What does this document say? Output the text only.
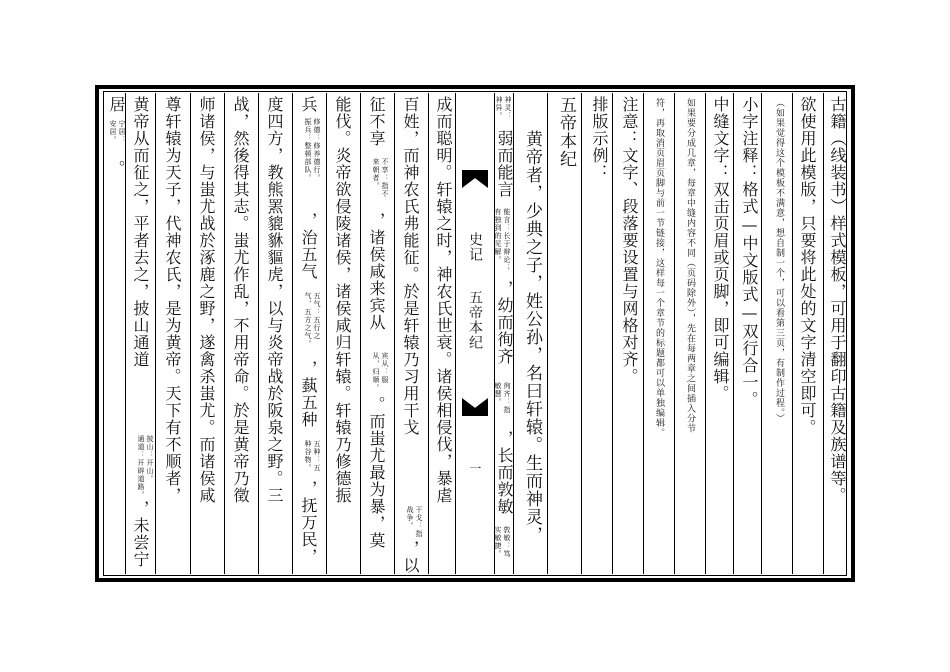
古籍（线装书）样式模板，可用于翻印古籍及族谱等。
欲使用此模版，只要将此处的文字清空即可。
（如果觉得这个模板不满意，想自制一个，可以看第三页，有制作过程。）
小字注释：格式—中文版式—双行合一。
中缝文字：双击页眉或页脚，即可编辑。
如果要分成几章，每章中缝内容不同（页码除外），先在每两章之间插入分节
符，再取消页眉页脚与前一节链接，这样每一个章节的标题都可以单独编辑。
注意：文字、段落要设置与网格对齐。
排版示例：
五帝本纪
黄帝者，少典之子，姓公孙，名曰轩辕。生而神灵，
神灵：
神异。
弱而能言
能言：长于辩论；
有独到的见解。
，幼而徇齐
徇齐：指
敏慧。
，长而敦敏
敦敏：笃
实敏捷。
史记
五帝本纪
一
成而聪明。轩辕之时，神农氏世衰。诸侯相侵伐，暴虐
百姓，而神农氏弗能征。於是轩辕乃习用干戈
干戈：指
战争。
，以
征不享
不享：指不
来朝者。
，诸侯咸来宾从
宾从：服
从，归顺。
。而蚩尤最为暴，莫
能伐。炎帝欲侵陵诸侯，诸侯咸归轩辕。轩辕乃修德振
兵
修德：修养德行。
振兵：整顿部队。
，治五气
五气：五行之
气，五方之气。
，蓺五种
五种：五
种谷物。
，抚万民，
度四方，教熊罴貔貅貙虎，以与炎帝战於阪泉之野。三
战，然後得其志。蚩尤作乱，不用帝命。於是黄帝乃徵
师诸侯，与蚩尤战於涿鹿之野，遂禽杀蚩尤。而诸侯咸
尊轩辕为天子，代神农氏，是为黄帝。天下有不顺者，
黄帝从而征之，平者去之，披山通道
披山：开山。
通道：开辟道路。
，未尝宁
居
宁居：
安居。
。
